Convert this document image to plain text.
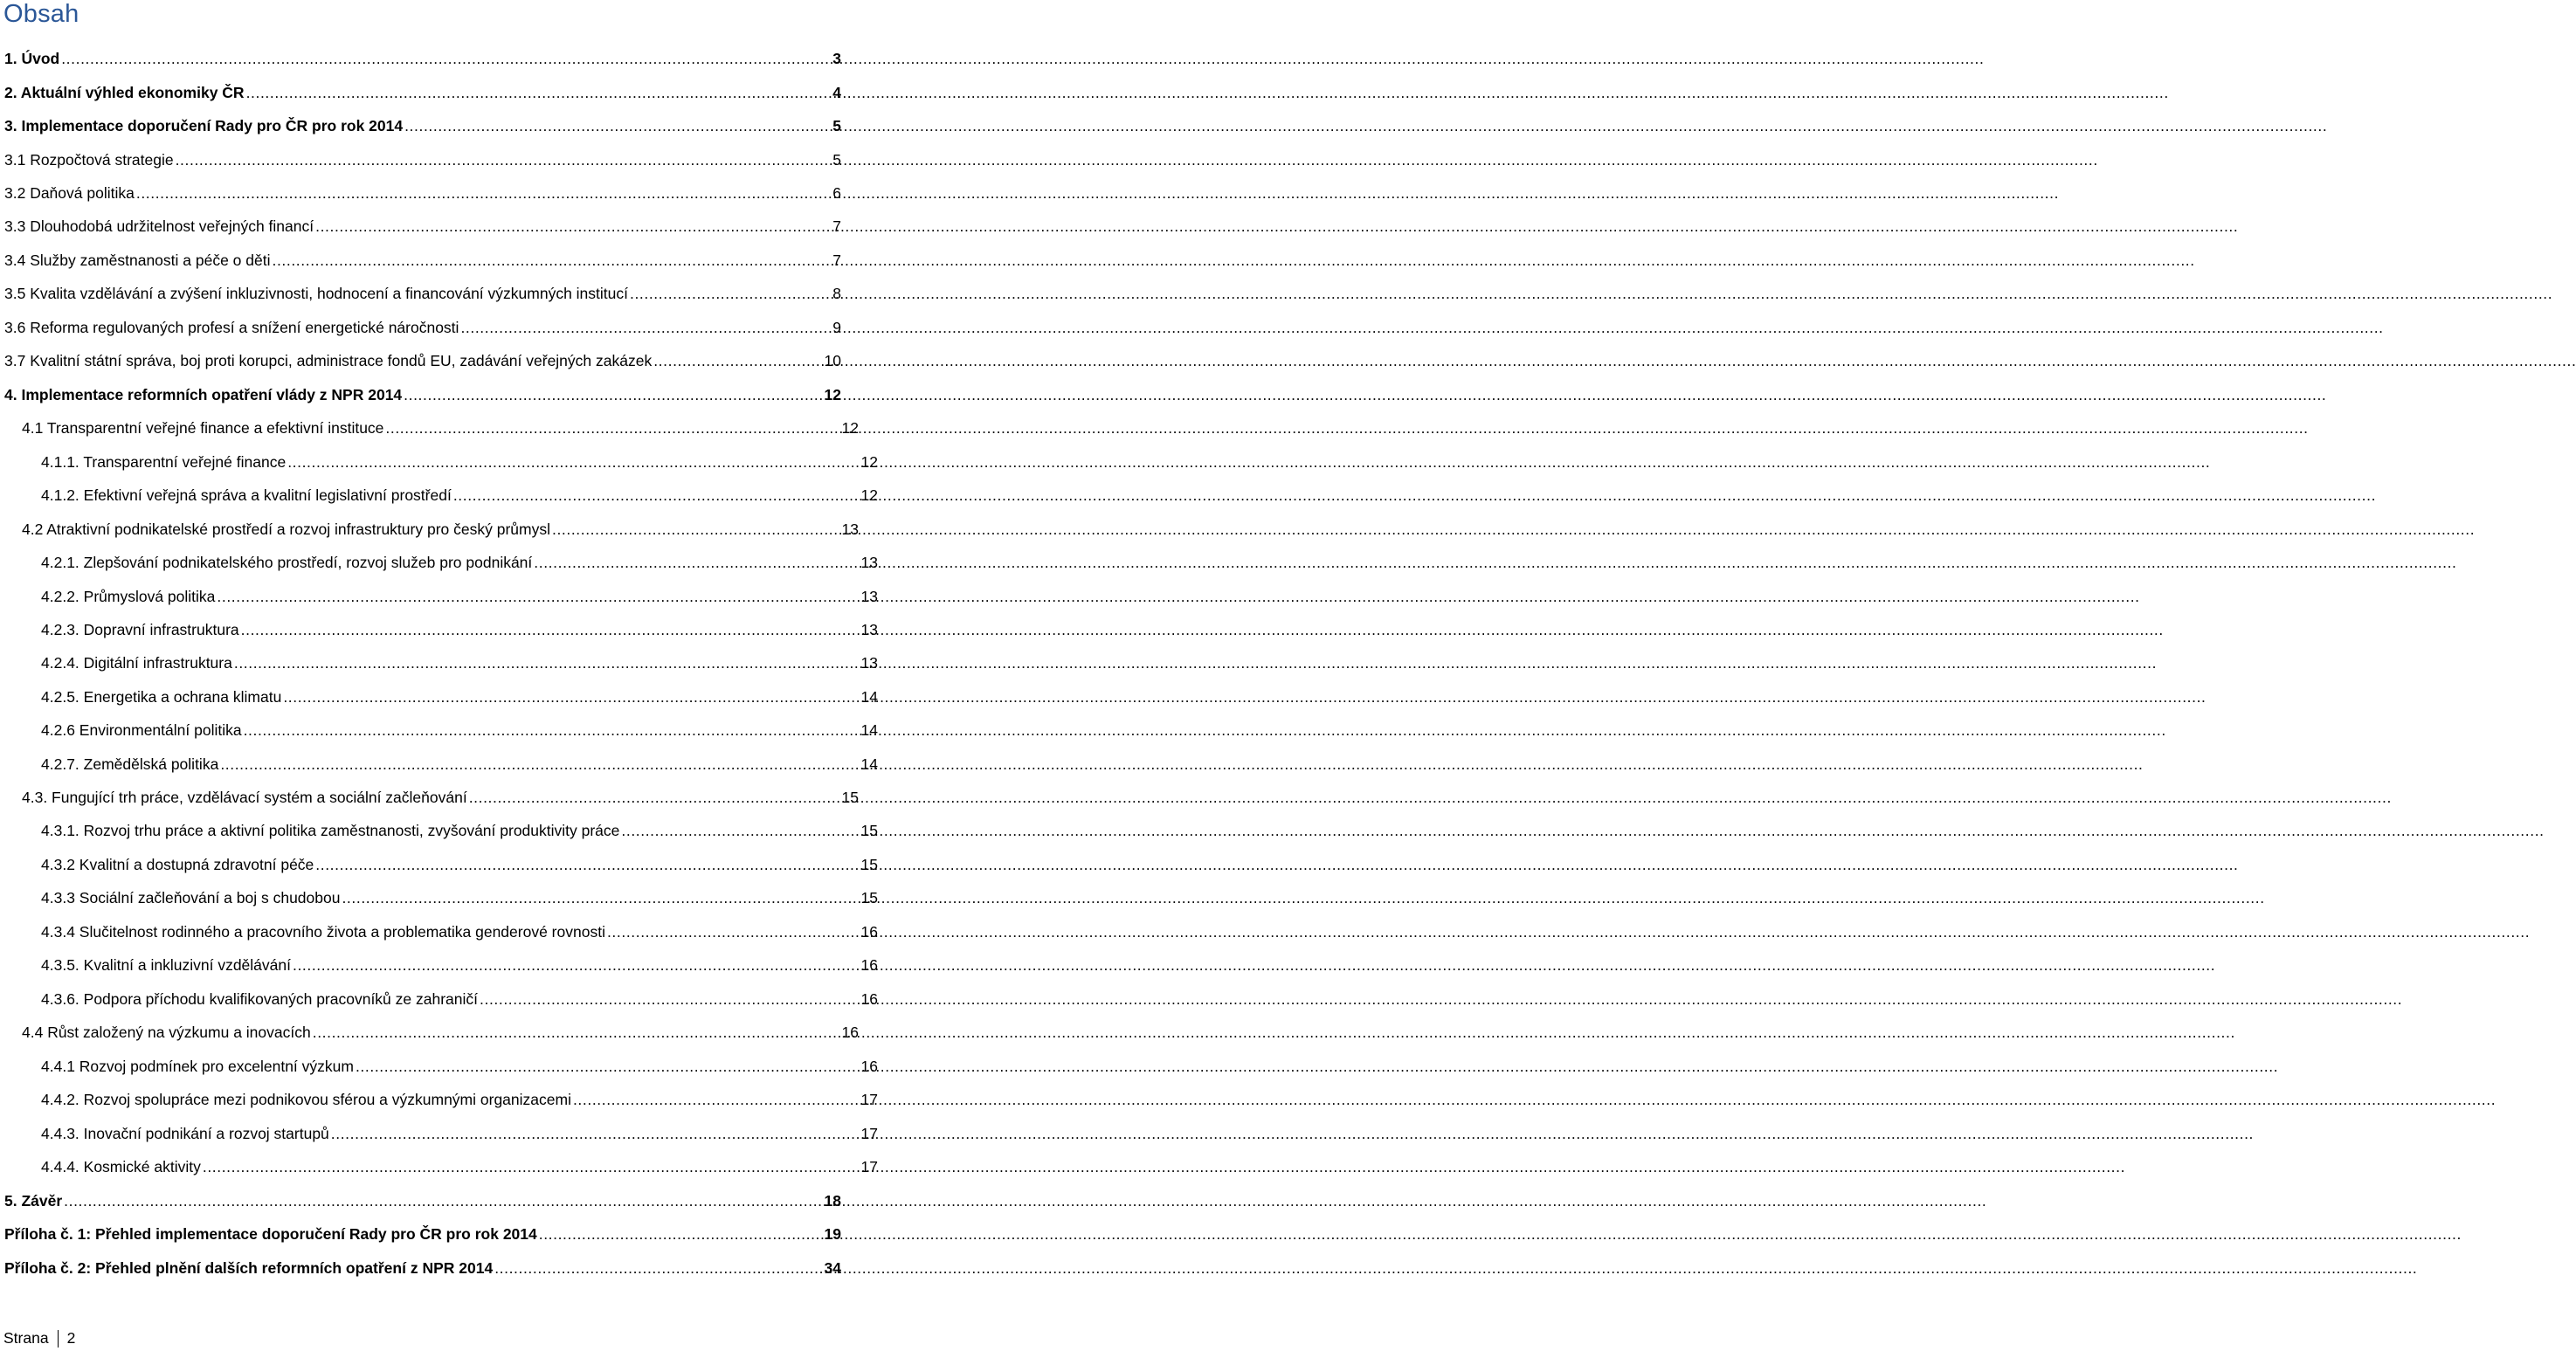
Obsah
1. Úvod .....	3
2. Aktuální výhled ekonomiky ČR .....	4
3. Implementace doporučení Rady pro ČR pro rok 2014 .....	5
3.1 Rozpočtová strategie .....	5
3.2 Daňová politika .....	6
3.3 Dlouhodobá udržitelnost veřejných financí .....	7
3.4 Služby zaměstnanosti a péče o děti .....	7
3.5 Kvalita vzdělávání a zvýšení inkluzivnosti, hodnocení a financování výzkumných institucí .....	8
3.6 Reforma regulovaných profesí a snížení energetické náročnosti .....	9
3.7 Kvalitní státní správa, boj proti korupci, administrace fondů EU, zadávání veřejných zakázek .....	10
4. Implementace reformních opatření vlády z NPR 2014 .....	12
4.1 Transparentní veřejné finance a efektivní instituce .....	12
4.1.1. Transparentní veřejné finance .....	12
4.1.2. Efektivní veřejná správa a kvalitní legislativní prostředí .....	12
4.2 Atraktivní podnikatelské prostředí a rozvoj infrastruktury pro český průmysl .....	13
4.2.1. Zlepšování podnikatelského prostředí, rozvoj služeb pro podnikání .....	13
4.2.2. Průmyslová politika .....	13
4.2.3. Dopravní infrastruktura .....	13
4.2.4. Digitální infrastruktura .....	13
4.2.5. Energetika a ochrana klimatu .....	14
4.2.6 Environmentální politika .....	14
4.2.7. Zemědělská politika .....	14
4.3. Fungující trh práce, vzdělávací systém a sociální začleňování .....	15
4.3.1. Rozvoj trhu práce a aktivní politika zaměstnanosti, zvyšování produktivity práce .....	15
4.3.2 Kvalitní a dostupná zdravotní péče .....	15
4.3.3 Sociální začleňování a boj s chudobou .....	15
4.3.4 Slučitelnost rodinného a pracovního života a problematika genderové rovnosti .....	16
4.3.5. Kvalitní a inkluzivní vzdělávání .....	16
4.3.6. Podpora příchodu kvalifikovaných pracovníků ze zahraničí .....	16
4.4 Růst založený na výzkumu a inovacích .....	16
4.4.1 Rozvoj podmínek pro excelentní výzkum .....	16
4.4.2. Rozvoj spolupráce mezi podnikovou sférou a výzkumnými organizacemi .....	17
4.4.3. Inovační podnikání a rozvoj startupů .....	17
4.4.4. Kosmické aktivity .....	17
5. Závěr .....	18
Příloha č. 1: Přehled implementace doporučení Rady pro ČR pro rok 2014 .....	19
Příloha č. 2: Přehled plnění dalších reformních opatření z NPR 2014 .....	34
Strana 2
